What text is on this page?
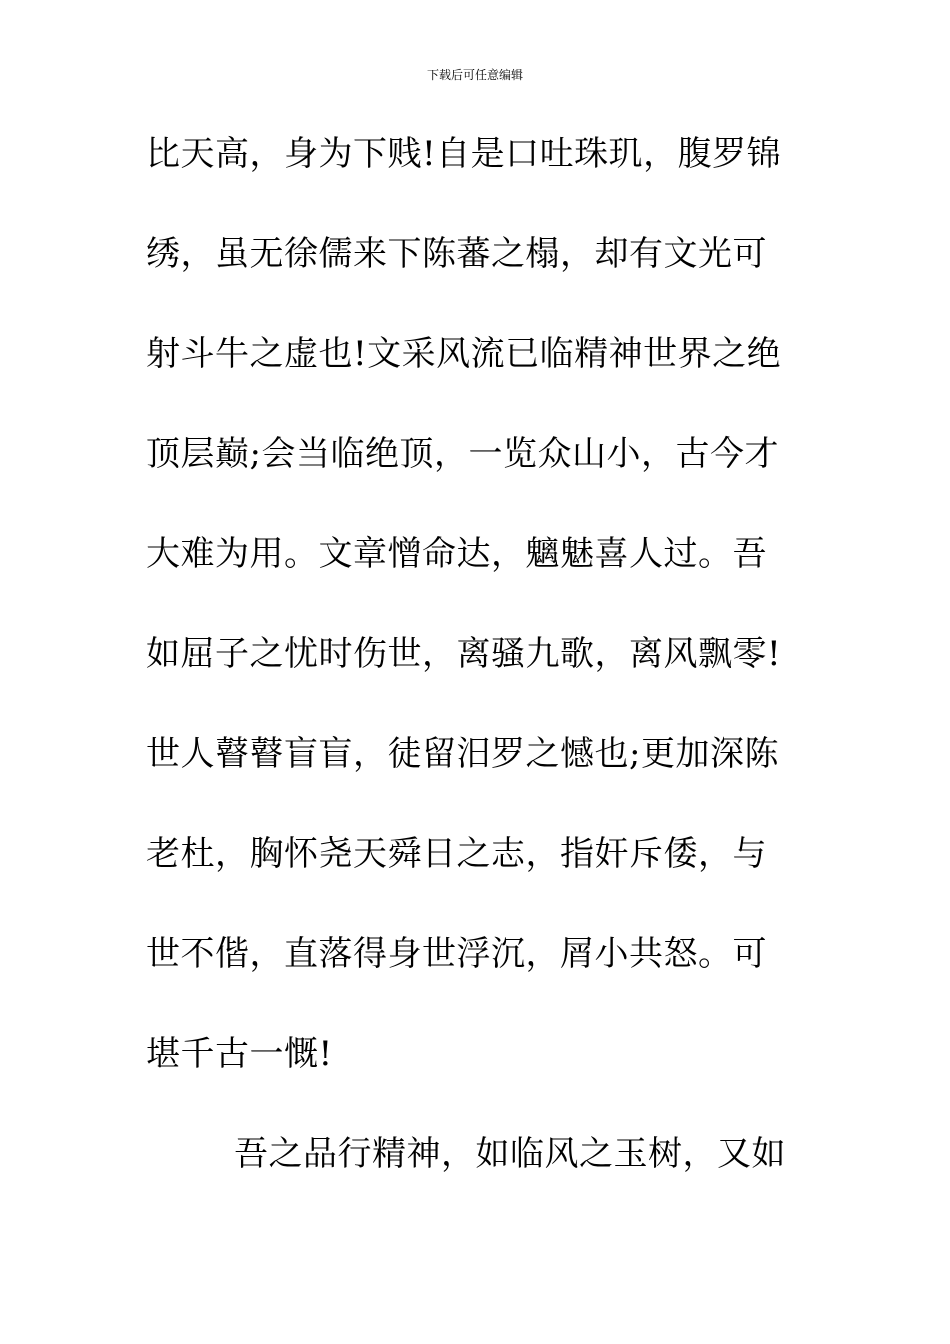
下载后可任意编辑
比天高，身为下贱!自是口吐珠玑，腹罗锦
绣，虽无徐儒来下陈蕃之榻，却有文光可
射斗牛之虚也!文采风流已临精神世界之绝
顶层巅;会当临绝顶，一览众山小，古今才
大难为用。文章憎命达，魑魅喜人过。吾
如屈子之忧时伤世，离骚九歌，离风飘零!
世人瞽瞽盲盲，徒留汨罗之憾也;更加深陈
老杜，胸怀尧天舜日之志，指奸斥倭，与
世不偕，直落得身世浮沉，屑小共怒。可
堪千古一慨!
吾之品行精神，如临风之玉树，又如
